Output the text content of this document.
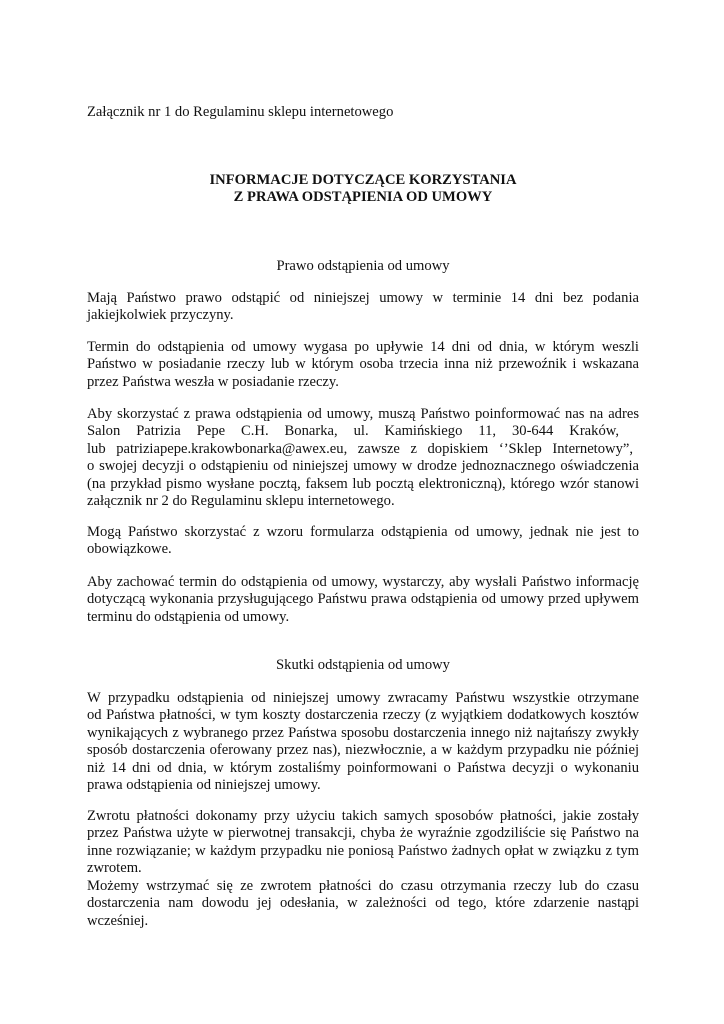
Załącznik nr 1 do Regulaminu sklepu internetowego
INFORMACJE DOTYCZĄCE KORZYSTANIA
Z PRAWA ODSTĄPIENIA OD UMOWY
Prawo odstąpienia od umowy
Mają Państwo prawo odstąpić od niniejszej umowy w terminie 14 dni bez podania
jakiejkolwiek przyczyny.
Termin do odstąpienia od umowy wygasa po upływie 14 dni od dnia, w którym weszli
Państwo w posiadanie rzeczy lub w którym osoba trzecia inna niż przewoźnik i wskazana
przez Państwa weszła w posiadanie rzeczy.
Aby skorzystać z prawa odstąpienia od umowy, muszą Państwo poinformować nas na adres
Salon Patrizia Pepe C.H. Bonarka, ul. Kamińskiego 11, 30-644 Kraków,
lub patriziapepe.krakowbonarka@awex.eu, zawsze z dopiskiem ‘’Sklep Internetowy”,
o swojej decyzji o odstąpieniu od niniejszej umowy w drodze jednoznacznego oświadczenia
(na przykład pismo wysłane pocztą, faksem lub pocztą elektroniczną), którego wzór stanowi
załącznik nr 2 do Regulaminu sklepu internetowego.
Mogą Państwo skorzystać z wzoru formularza odstąpienia od umowy, jednak nie jest to
obowiązkowe.
Aby zachować termin do odstąpienia od umowy, wystarczy, aby wysłali Państwo informację
dotyczącą wykonania przysługującego Państwu prawa odstąpienia od umowy przed upływem
terminu do odstąpienia od umowy.
Skutki odstąpienia od umowy
W przypadku odstąpienia od niniejszej umowy zwracamy Państwu wszystkie otrzymane
od Państwa płatności, w tym koszty dostarczenia rzeczy (z wyjątkiem dodatkowych kosztów
wynikających z wybranego przez Państwa sposobu dostarczenia innego niż najtańszy zwykły
sposób dostarczenia oferowany przez nas), niezwłocznie, a w każdym przypadku nie później
niż 14 dni od dnia, w którym zostaliśmy poinformowani o Państwa decyzji o wykonaniu
prawa odstąpienia od niniejszej umowy.
Zwrotu płatności dokonamy przy użyciu takich samych sposobów płatności, jakie zostały
przez Państwa użyte w pierwotnej transakcji, chyba że wyraźnie zgodziliście się Państwo na
inne rozwiązanie; w każdym przypadku nie poniosą Państwo żadnych opłat w związku z tym
zwrotem.
Możemy wstrzymać się ze zwrotem płatności do czasu otrzymania rzeczy lub do czasu
dostarczenia nam dowodu jej odesłania, w zależności od tego, które zdarzenie nastąpi
wcześniej.
